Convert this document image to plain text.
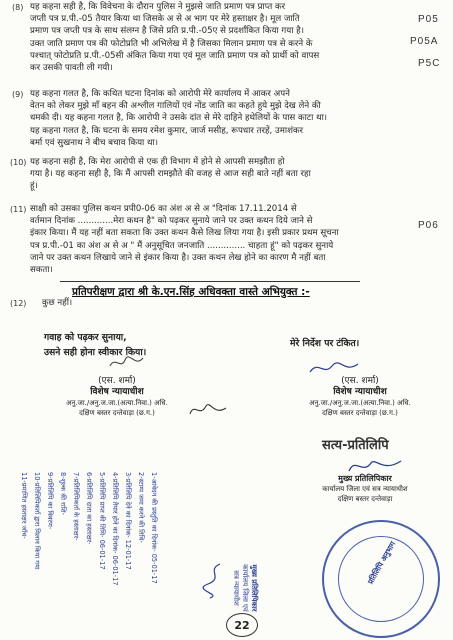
(8) यह कहना सही है, कि विवेचना के दौरान पुलिस ने मुझसे जाति प्रमाण पत्र प्राप्त कर
जप्ती पत्र प्र.पी.-05 तैयार किया था जिसके अ से अ भाग पर मेरे हस्ताक्षर है। मूल जाति
प्रमाण पत्र जप्ती पत्र के साथ संलग्न है जिसे प्रति प्र.पी.-05ए से प्रदर्शांकित किया गया है।
उक्त जाति प्रमाण पत्र की फोटोप्रति भी अभिलेख में है जिसका मिलान प्रमाण पत्र से करने के
पश्चात् फोटोप्रति प्र.पी.-05सी अंकित किया गया एवं मूल जाति प्रमाण पत्र को प्रार्थी को वापस
कर उसकी पावती ली गयी।
P05
P05A
P5C
(9) यह कहना गलत है, कि कथित घटना दिनांक को आरोपी मेरे कार्यालय में आकर अपने
वेतन को लेकर मुझे माँ बहन की अश्लील गालियों एवं नोंड जाति का कहते हुये मुझे देख लेने की
धमकी दी। यह कहना गलत है, कि आरोपी ने उसके दांत से मेरे दाहिने हथेलियों के पास काटा था।
यह कहना गलत है, कि घटना के समय रमेश कुमार, जार्ज मसीह, रूपधार तरहें, उमाशंकर
बर्मा एवं सुखनाथ ने बीच बचाव किया था।
(10) यह कहना सही है, कि मेरा आरोपी से एक ही विभाग में होने से आपसी समझौता हो
गया है। यह कहना सही है, कि मैं आपसी रामझौते की वजह से आज सही बाते नहीं बता रहा
हूं।
(11) साक्षी को उसका पुलिस कथन प्रपी0-06 का अंश अ से अ "दिनांक 17.11.2014 से
वर्तमान दिनांक .............मेरा कथन है" को पढ़कर सुनाये जाने पर उक्त कथन दिये जाने से
इंकार किया। मैं यह नहीं बता सकता कि उक्त कथन कैसे लिख लिया गया है। इसी प्रकार प्रथम सूचना
पत्र प्र.पी.-01 का अंश अ से अ " मैं अनुसूचित जनजाति .............. चाहता हूं" को पढ़कर सुनाये
जाने पर उक्त कथन लिखाये जाने से इंकार किया है। उक्त कथन लेख होने का कारण मै नहीं बता
सकता।
P06
प्रतिपरीक्षण द्वारा श्री के.एन.सिंह अधिवक्ता वास्ते अभियुक्त :-
(12) कुछ नहीं।
गवाह को पढ़कर सुनाया,
उसने सही होना स्वीकार किया।
मेरे निर्देश पर टंकित।
(एस. शर्मा)
विशेष न्यायाधीश
अनु.जा./अनु.ज.जा.(अत्या.निवा.) अधि.
दक्षिण बस्तर दन्तेवाड़ा (छ.ग.)
(एस. शर्मा)
विशेष न्यायाधीश
अनु.जा./अनु.ज.जा.(अत्या.निवा.) अधि.
दक्षिण बस्तर दन्तेवाड़ा (छ.ग.)
सत्य-प्रतिलिपि
मुख्य प्रतिलिपिकार
कार्यालय जिला एवं सत्र न्यायाधीश
दक्षिण बस्तर दन्तेवाड़ा
1-आवेदन की प्रस्तुति का दिनांक- 05-01-17
2-स्टाम्प जमा करने की तिथि-
3-प्रतिलिपि देने का दिनांक- 12-01-17
4-प्रतिलिपि तैयार होने का दिनांक- 06-01-17
5-प्रतिलिपि प्राप्त की तिथि- 06-01-17
6-प्रतिलिपि दाता का हस्ताक्षर-
7-प्रतिलिपिकर्ता के हस्ताक्षर-
8-शुल्क की राशि-
9-प्रतिलिपि का विवरण-
10-प्रतिलिपिकर्ता द्वारा मिलान किया गया
11-प्रमाणित हस्ताक्षर जॉच-
मुख्य प्रतिलिपिकार
कार्यालय जिला एवं
सत्र न्यायाधीश
22
प्रतिलिपि अनुभाग
